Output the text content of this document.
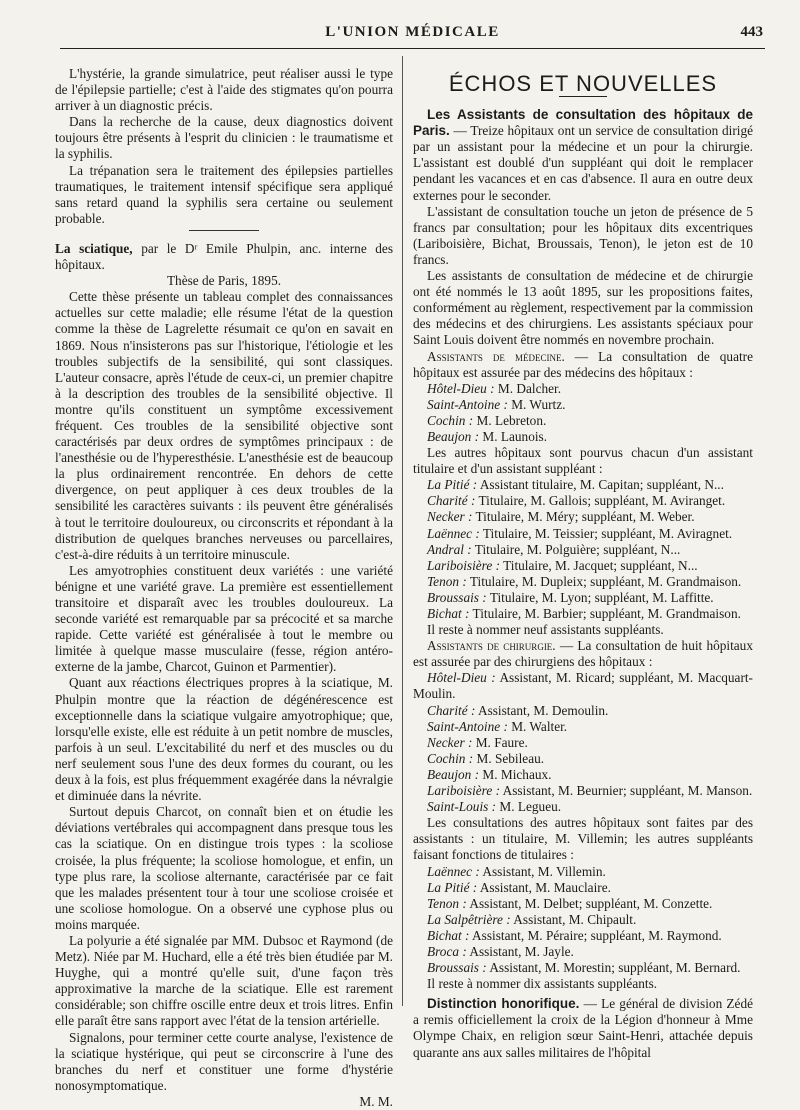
L'UNION MÉDICALE	443

L'hystérie, la grande simulatrice, peut réaliser aussi le type de l'épilepsie partielle; c'est à l'aide des stigmates qu'on pourra arriver à un diagnostic précis.

Dans la recherche de la cause, deux diagnostics doivent toujours être présents à l'esprit du clinicien : le traumatisme et la syphilis.

La trépanation sera le traitement des épilepsies partielles traumatiques, le traitement intensif spécifique sera appliqué sans retard quand la syphilis sera certaine ou seulement probable.

La sciatique, par le Dʳ Emile Phulpin, anc. interne des hôpitaux.

Thèse de Paris, 1895.

Cette thèse présente un tableau complet des connaissances actuelles sur cette maladie; elle résume l'état de la question comme la thèse de Lagrelette résumait ce qu'on en savait en 1869. Nous n'insisterons pas sur l'historique, l'étiologie et les troubles subjectifs de la sensibilité, qui sont classiques. L'auteur consacre, après l'étude de ceux-ci, un premier chapitre à la description des troubles de la sensibilité objective. Il montre qu'ils constituent un symptôme excessivement fréquent. Ces troubles de la sensibilité objective sont caractérisés par deux ordres de symptômes principaux : de l'anesthésie ou de l'hyperesthésie. L'anesthésie est de beaucoup la plus ordinairement rencontrée. En dehors de cette divergence, on peut appliquer à ces deux troubles de la sensibilité les caractères suivants : ils peuvent être généralisés à tout le territoire douloureux, ou circonscrits et répondant à la distribution de quelques branches nerveuses ou parcellaires, c'est-à-dire réduits à un territoire minuscule.

Les amyotrophies constituent deux variétés : une variété bénigne et une variété grave. La première est essentiellement transitoire et disparaît avec les troubles douloureux. La seconde variété est remarquable par sa précocité et sa marche rapide. Cette variété est généralisée à tout le membre ou limitée à quelque masse musculaire (fesse, région antéro-externe de la jambe, Charcot, Guinon et Parmentier).

Quant aux réactions électriques propres à la sciatique, M. Phulpin montre que la réaction de dégénérescence est exceptionnelle dans la sciatique vulgaire amyotrophique; que, lorsqu'elle existe, elle est réduite à un petit nombre de muscles, parfois à un seul. L'excitabilité du nerf et des muscles ou du nerf seulement sous l'une des deux formes du courant, ou les deux à la fois, est plus fréquemment exagérée dans la névralgie et diminuée dans la névrite.

Surtout depuis Charcot, on connaît bien et on étudie les déviations vertébrales qui accompagnent dans presque tous les cas la sciatique. On en distingue trois types : la scoliose croisée, la plus fréquente; la scoliose homologue, et enfin, un type plus rare, la scoliose alternante, caractérisée par ce fait que les malades présentent tour à tour une scoliose croisée et une scoliose homologue. On a observé une cyphose plus ou moins marquée.

La polyurie a été signalée par MM. Dubsoc et Raymond (de Metz). Niée par M. Huchard, elle a été très bien étudiée par M. Huyghe, qui a montré qu'elle suit, d'une façon très approximative la marche de la sciatique. Elle est rarement considérable; son chiffre oscille entre deux et trois litres. Enfin elle paraît être sans rapport avec l'état de la tension artérielle.

Signalons, pour terminer cette courte analyse, l'existence de la sciatique hystérique, qui peut se circonscrire à l'une des branches du nerf et constituer une forme d'hystérie nonosymptomatique.

M. M.

ÉCHOS ET NOUVELLES

Les Assistants de consultation des hôpitaux de Paris. — Treize hôpitaux ont un service de consultation dirigé par un assistant pour la médecine et un pour la chirurgie. L'assistant est doublé d'un suppléant qui doit le remplacer pendant les vacances et en cas d'absence. Il aura en outre deux externes pour le seconder.

L'assistant de consultation touche un jeton de présence de 5 francs par consultation; pour les hôpitaux dits excentriques (Lariboisière, Bichat, Broussais, Tenon), le jeton est de 10 francs.

Les assistants de consultation de médecine et de chirurgie ont été nommés le 13 août 1895, sur les propositions faites, conformément au règlement, respectivement par la commission des médecins et des chirurgiens. Les assistants spéciaux pour Saint Louis doivent être nommés en novembre prochain.

Assistants de médecine. — La consultation de quatre hôpitaux est assurée par des médecins des hôpitaux :

Hôtel-Dieu : M. Dalcher.

Saint-Antoine : M. Wurtz.

Cochin : M. Lebreton.

Beaujon : M. Launois.

Les autres hôpitaux sont pourvus chacun d'un assistant titulaire et d'un assistant suppléant :

La Pitié : Assistant titulaire, M. Capitan; suppléant, N...

Charité : Titulaire, M. Gallois; suppléant, M. Aviranget.

Necker : Titulaire, M. Méry; suppléant, M. Weber.

Laënnec : Titulaire, M. Teissier; suppléant, M. Aviragnet.

Andral : Titulaire, M. Polguière; suppléant, N...

Lariboisière : Titulaire, M. Jacquet; suppléant, N...

Tenon : Titulaire, M. Dupleix; suppléant, M. Grandmaison.

Broussais : Titulaire, M. Lyon; suppléant, M. Laffitte.

Bichat : Titulaire, M. Barbier; suppléant, M. Grandmaison.

Il reste à nommer neuf assistants suppléants.

Assistants de chirurgie. — La consultation de huit hôpitaux est assurée par des chirurgiens des hôpitaux :

Hôtel-Dieu : Assistant, M. Ricard; suppléant, M. Macquart-Moulin.

Charité : Assistant, M. Demoulin.

Saint-Antoine : M. Walter.

Necker : M. Faure.

Cochin : M. Sebileau.

Beaujon : M. Michaux.

Lariboisière : Assistant, M. Beurnier; suppléant, M. Manson.

Saint-Louis : M. Legueu.

Les consultations des autres hôpitaux sont faites par des assistants : un titulaire, M. Villemin; les autres suppléants faisant fonctions de titulaires :

Laënnec : Assistant, M. Villemin.

La Pitié : Assistant, M. Mauclaire.

Tenon : Assistant, M. Delbet; suppléant, M. Conzette.

La Salpêtrière : Assistant, M. Chipault.

Bichat : Assistant, M. Péraire; suppléant, M. Raymond.

Broca : Assistant, M. Jayle.

Broussais : Assistant, M. Morestin; suppléant, M. Bernard.

Il reste à nommer dix assistants suppléants.

Distinction honorifique. — Le général de division Zédé a remis officiellement la croix de la Légion d'honneur à Mme Olympe Chaix, en religion sœur Saint-Henri, attachée depuis quarante ans aux salles militaires de l'hôpital
